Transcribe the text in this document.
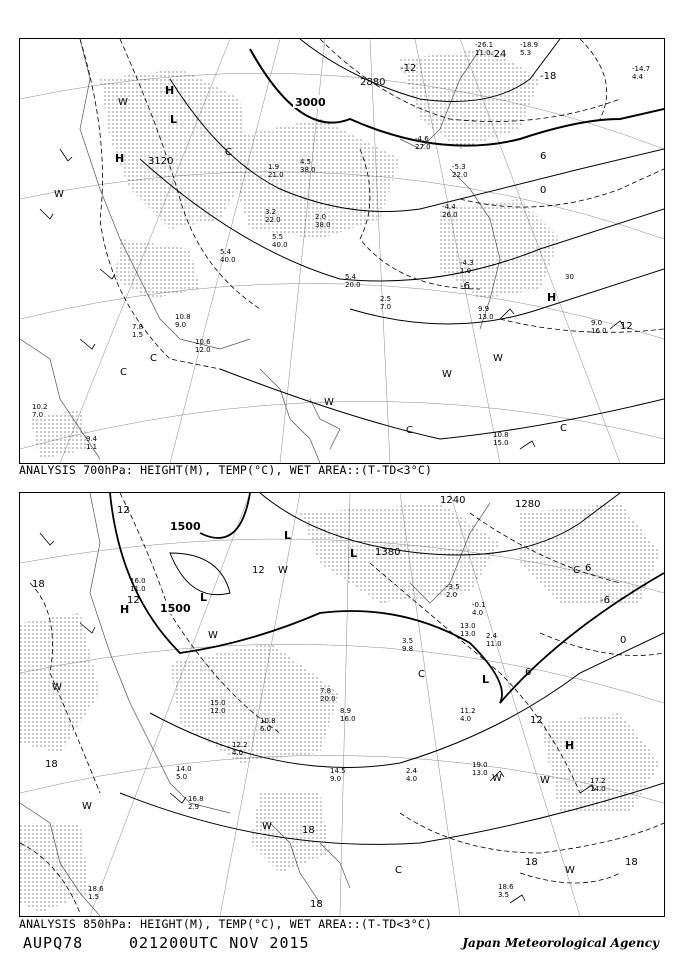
3000
2880
3120
12
6
0
-6
-12
-18
-24
30
H
H
H
L
C
C
C
W
W
W
W
W
C
C
9.9
13.0
9.0
16.0
10.8
15.0
10.6
12.0
10.8
9.0
7.8
1.5
9.4
1.1
10.2
7.0
5.4
40.0
3.2
22.0	2.0
38.0
5.5
40.0
-4.6
27.0
-5.3
22.0
-26.1
11.0
-14.7
4.4
-18.9
5.3
-4.4
26.0
-4.3
1.0
4.5
38.0
1.9
21.0
2.5
7.0
5.4
20.0
ANALYSIS 700hPa: HEIGHT(M), TEMP(°C), WET AREA::(T-TD<3°C)
1500
1500
1240	1280
1380
18
18
18
18	18
18
12
12
12
12
6
6
0
-6
H
H
L
L
L
L
C
C
C
W
W
W
W
W
W
W
W
19.0
13.0
17.2
14.0
18.6
3.5
16.8
2.9
18.6
1.5
14.0
5.0
11.2
4.0
16.0
11.0
13.0
13.0 2.4
11.0
7.8
20.0
8.9
16.0
10.8
6.0
12.2
4.0
3.5
9.8
15.0
12.0
-0.1
4.0
-3.5
2.0
14.5
9.0
2.4
4.0
ANALYSIS 850hPa: HEIGHT(M), TEMP(°C), WET AREA::(T-TD<3°C)
AUPQ78	021200UTC NOV 2015	Japan Meteorological Agency
